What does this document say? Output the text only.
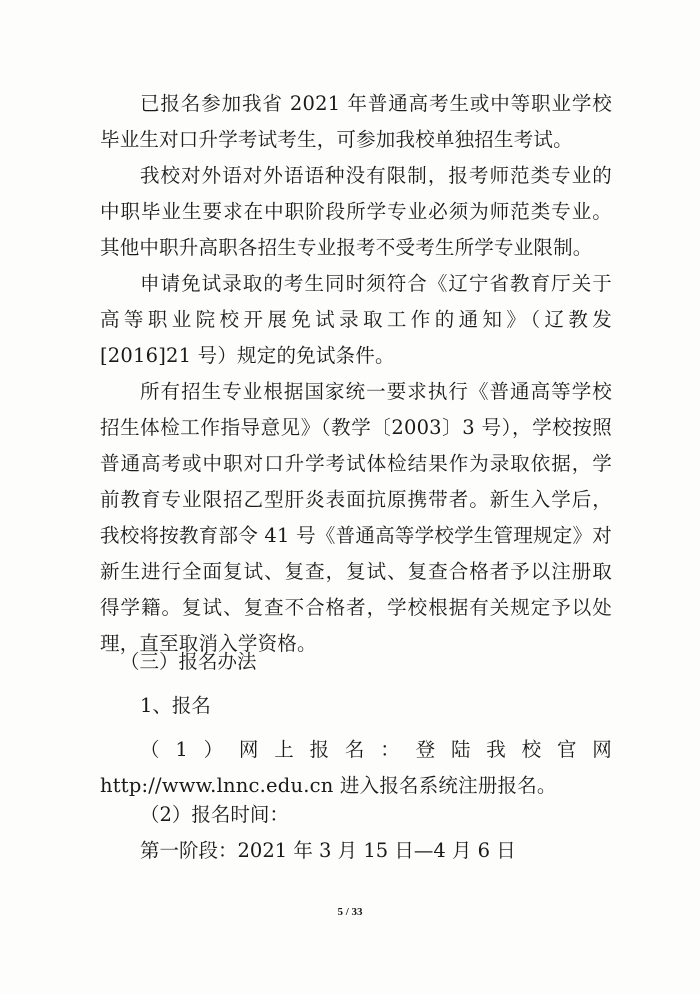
已报名参加我省 2021 年普通高考生或中等职业学校毕业生对口升学考试考生，可参加我校单独招生考试。
我校对外语对外语语种没有限制，报考师范类专业的中职毕业生要求在中职阶段所学专业必须为师范类专业。其他中职升高职各招生专业报考不受考生所学专业限制。
申请免试录取的考生同时须符合《辽宁省教育厅关于高等职业院校开展免试录取工作的通知》（辽教发[2016]21 号）规定的免试条件。
所有招生专业根据国家统一要求执行《普通高等学校招生体检工作指导意见》（教学〔2003〕3 号），学校按照普通高考或中职对口升学考试体检结果作为录取依据，学前教育专业限招乙型肝炎表面抗原携带者。新生入学后，我校将按教育部令 41 号《普通高等学校学生管理规定》对新生进行全面复试、复查，复试、复查合格者予以注册取得学籍。复试、复查不合格者，学校根据有关规定予以处理，直至取消入学资格。
（三）报名办法
1、报名
（1）网上报名：登陆我校官网 http://www.lnnc.edu.cn 进入报名系统注册报名。
（2）报名时间：
第一阶段：2021 年 3 月 15 日—4 月 6 日
5 / 33
